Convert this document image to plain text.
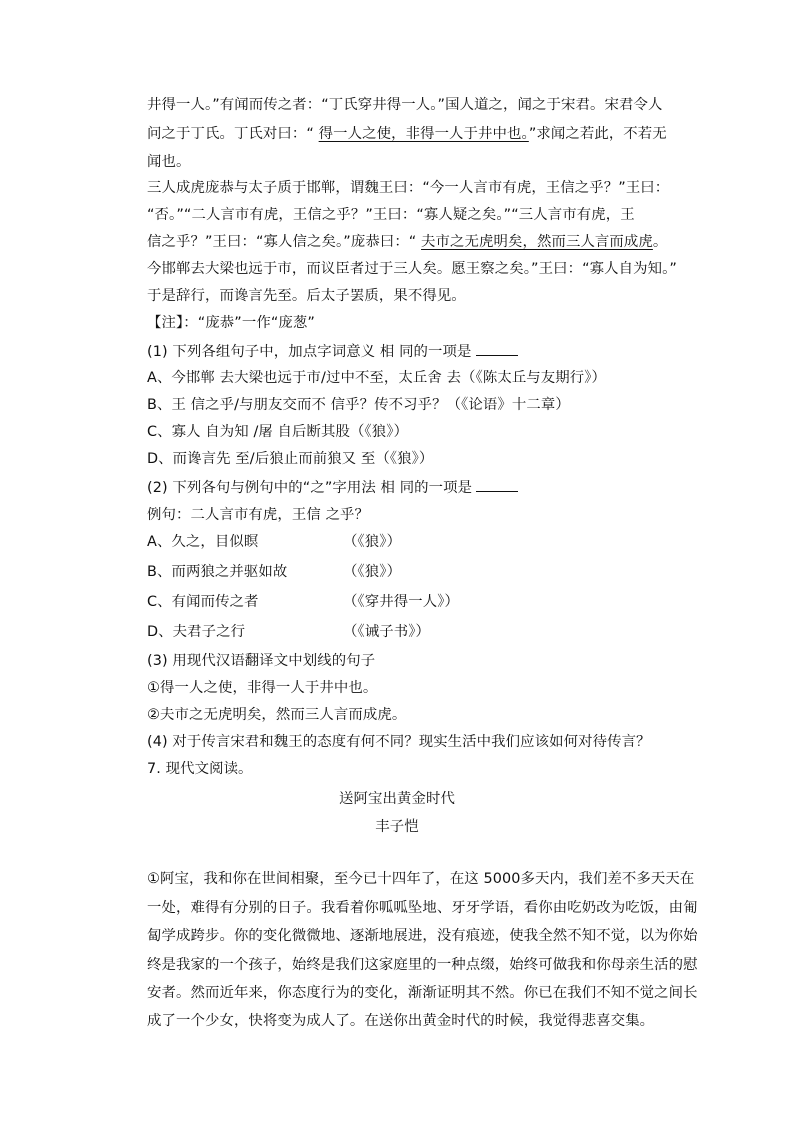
井得一人。”有闻而传之者：“丁氏穿井得一人。”国人道之，闻之于宋君。宋君令人
问之于丁氏。丁氏对曰：“ 得一人之使，非得一人于井中也。”求闻之若此，不若无
闻也。
三人成虎庞恭与太子质于邯郸，谓魏王曰：“今一人言市有虎，王信之乎？”王曰：
“否。”“二人言市有虎，王信之乎？”王曰：“寡人疑之矣。”“三人言市有虎，王
信之乎？”王曰：“寡人信之矣。”庞恭曰：“ 夫市之无虎明矣，然而三人言而成虎。
今邯郸去大梁也远于市，而议臣者过于三人矣。愿王察之矣。”王曰：“寡人自为知。”
于是辞行，而谗言先至。后太子罢质，果不得见。
【注】：“庞恭”一作“庞葱”
(1) 下列各组句子中，加点字词意义 相 同的一项是
A、今邯郸 去大梁也远于市/过中不至，太丘舍 去（《陈太丘与友期行》）
B、王 信之乎/与朋友交而不 信乎？传不习乎？（《论语》十二章）
C、寡人 自为知 /屠 自后断其股（《狼》）
D、而谗言先 至/后狼止而前狼又 至（《狼》）
(2) 下列各句与例句中的“之”字用法 相 同的一项是
例句：二人言市有虎，王信 之乎？
A、久之，目似瞑	（《狼》）
B、而两狼之并驱如故	（《狼》）
C、有闻而传之者	（《穿井得一人》）
D、夫君子之行	（《诫子书》）
(3) 用现代汉语翻译文中划线的句子
①得一人之使，非得一人于井中也。
②夫市之无虎明矣，然而三人言而成虎。
(4) 对于传言宋君和魏王的态度有何不同？现实生活中我们应该如何对待传言？
7. 现代文阅读。
送阿宝出黄金时代
丰子恺
①阿宝，我和你在世间相聚，至今已十四年了，在这 5000多天内，我们差不多天天在
一处，难得有分别的日子。我看着你呱呱坠地、牙牙学语，看你由吃奶改为吃饭，由匍
匐学成跨步。你的变化微微地、逐渐地展进，没有痕迹，使我全然不知不觉，以为你始
终是我家的一个孩子，始终是我们这家庭里的一种点缀，始终可做我和你母亲生活的慰
安者。然而近年来，你态度行为的变化，渐渐证明其不然。你已在我们不知不觉之间长
成了一个少女，快将变为成人了。在送你出黄金时代的时候，我觉得悲喜交集。
